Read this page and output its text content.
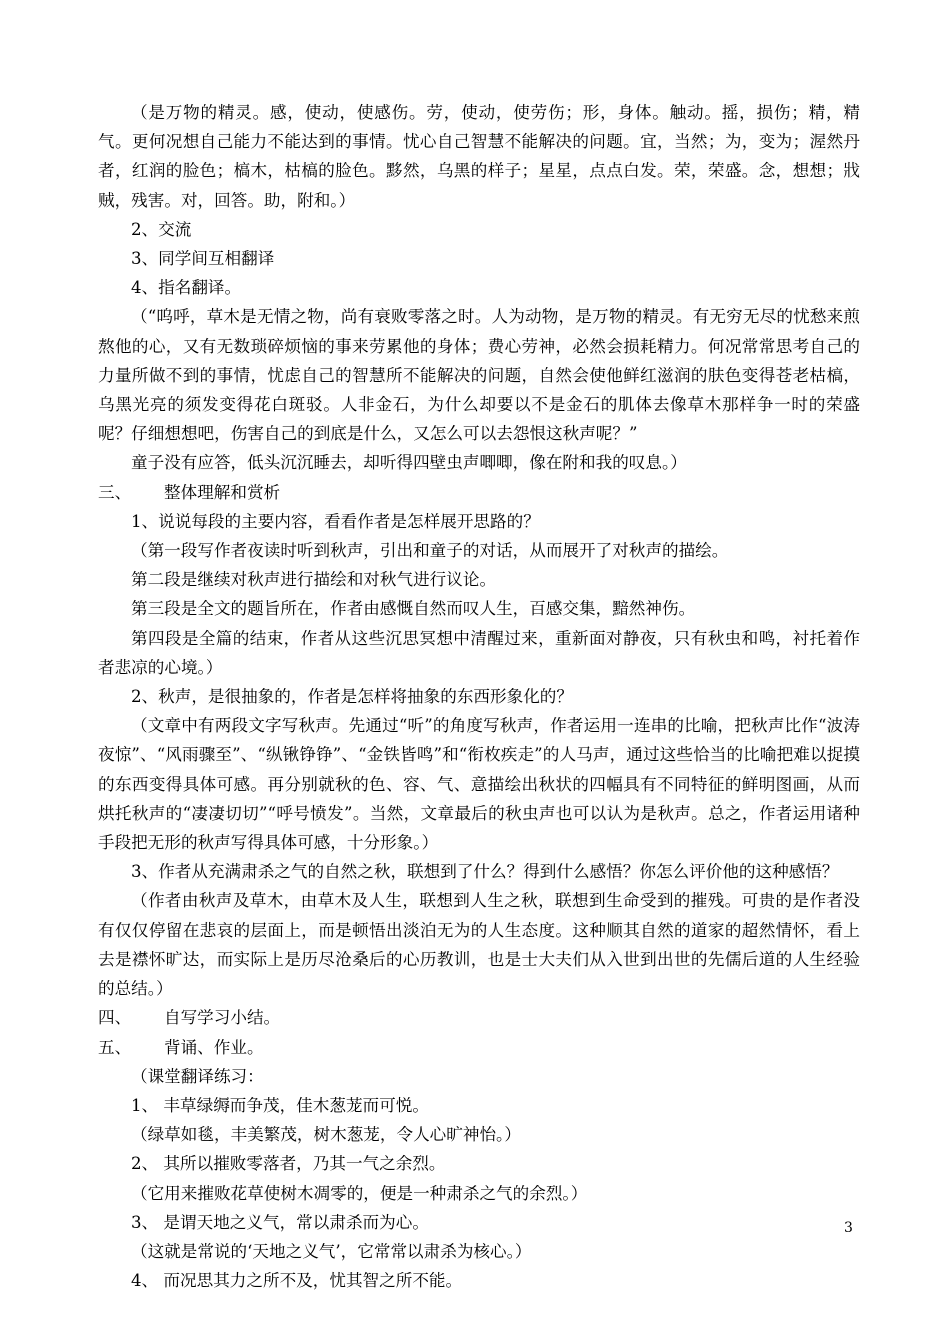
（是万物的精灵。感，使动，使感伤。劳，使动，使劳伤；形，身体。触动。摇，损伤；精，精气。更何况想自己能力不能达到的事情。忧心自己智慧不能解决的问题。宜，当然；为，变为；渥然丹者，红润的脸色；槁木，枯槁的脸色。黟然，乌黑的样子；星星，点点白发。荣，荣盛。念，想想；戕贼，残害。对，回答。助，附和。）

2、交流

3、同学间互相翻译

4、指名翻译。

（“呜呼，草木是无情之物，尚有衰败零落之时。人为动物，是万物的精灵。有无穷无尽的忧愁来煎熬他的心，又有无数琐碎烦恼的事来劳累他的身体；费心劳神，必然会损耗精力。何况常常思考自己的力量所做不到的事情，忧虑自己的智慧所不能解决的问题，自然会使他鲜红滋润的肤色变得苍老枯槁，乌黑光亮的须发变得花白斑驳。人非金石，为什么却要以不是金石的肌体去像草木那样争一时的荣盛呢？仔细想想吧，伤害自己的到底是什么，又怎么可以去怨恨这秋声呢？”

童子没有应答，低头沉沉睡去，却听得四壁虫声唧唧，像在附和我的叹息。）

三、 整体理解和赏析

1、说说每段的主要内容，看看作者是怎样展开思路的？

（第一段写作者夜读时听到秋声，引出和童子的对话，从而展开了对秋声的描绘。

第二段是继续对秋声进行描绘和对秋气进行议论。

第三段是全文的题旨所在，作者由感慨自然而叹人生，百感交集，黯然神伤。

第四段是全篇的结束，作者从这些沉思冥想中清醒过来，重新面对静夜，只有秋虫和鸣，衬托着作者悲凉的心境。）

2、秋声，是很抽象的，作者是怎样将抽象的东西形象化的？

（文章中有两段文字写秋声。先通过“听”的角度写秋声，作者运用一连串的比喻，把秋声比作“波涛夜惊”、“风雨骤至”、“纵锹铮铮”、“金铁皆鸣”和“衔枚疾走”的人马声，通过这些恰当的比喻把难以捉摸的东西变得具体可感。再分别就秋的色、容、气、意描绘出秋状的四幅具有不同特征的鲜明图画，从而烘托秋声的“凄凄切切”“呼号愤发”。当然，文章最后的秋虫声也可以认为是秋声。总之，作者运用诸种手段把无形的秋声写得具体可感，十分形象。）

3、作者从充满肃杀之气的自然之秋，联想到了什么？得到什么感悟？你怎么评价他的这种感悟？

（作者由秋声及草木，由草木及人生，联想到人生之秋，联想到生命受到的摧残。可贵的是作者没有仅仅停留在悲哀的层面上，而是顿悟出淡泊无为的人生态度。这种顺其自然的道家的超然情怀，看上去是襟怀旷达，而实际上是历尽沧桑后的心历教训，也是士大夫们从入世到出世的先儒后道的人生经验的总结。）

四、 自写学习小结。

五、 背诵、作业。

（课堂翻译练习：

1、 丰草绿缛而争茂，佳木葱茏而可悦。

（绿草如毯，丰美繁茂，树木葱茏，令人心旷神怡。）

2、 其所以摧败零落者，乃其一气之余烈。

（它用来摧败花草使树木凋零的，便是一种肃杀之气的余烈。）

3、 是谓天地之义气，常以肃杀而为心。

（这就是常说的‘天地之义气’，它常常以肃杀为核心。）

4、 而况思其力之所不及，忧其智之所不能。

3
